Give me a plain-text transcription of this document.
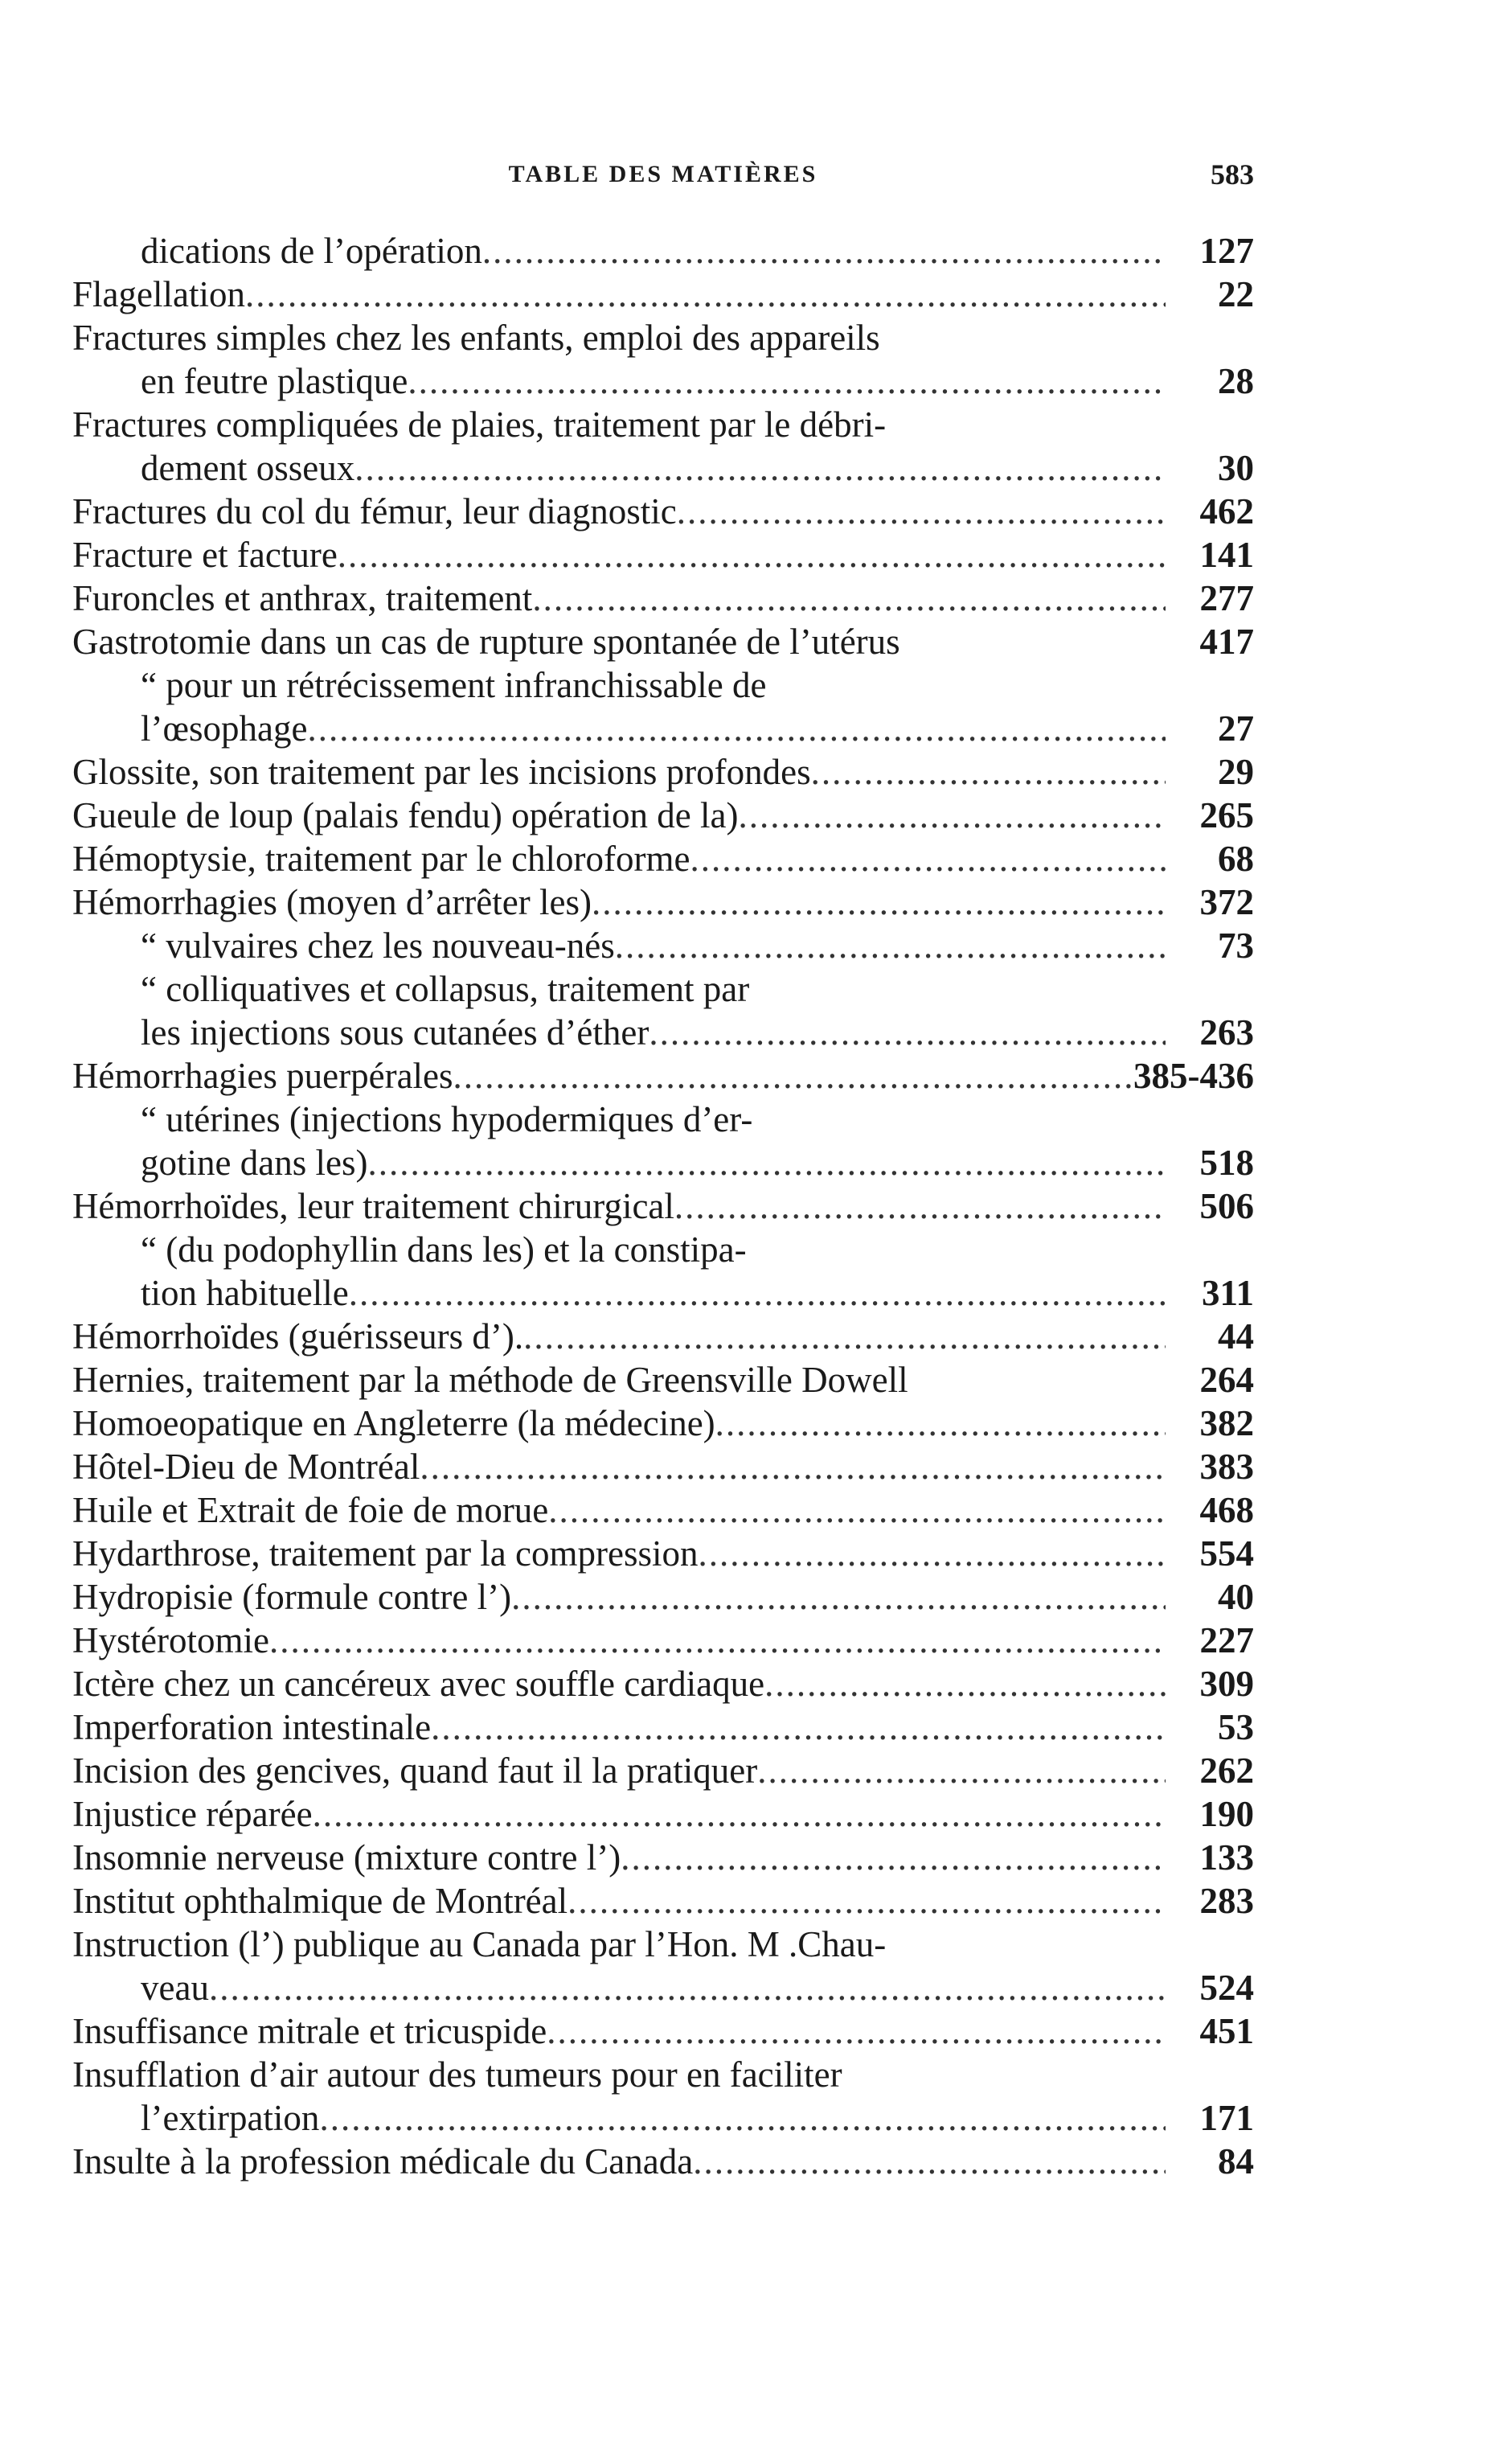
TABLE DES MATIÈRES	583
dications de l’opération .....	127
Flagellation .....	22
Fractures simples chez les enfants, emploi des appareils
en feutre plastique .....	28
Fractures compliquées de plaies, traitement par le débri-
dement osseux .....	30
Fractures du col du fémur, leur diagnostic .....	462
Fracture et facture .....	141
Furoncles et anthrax, traitement .....	277
Gastrotomie dans un cas de rupture spontanée de l’utérus	417
“ pour un rétrécissement infranchissable de
l’œsophage .....	27
Glossite, son traitement par les incisions profondes .....	29
Gueule de loup (palais fendu) opération de la) .....	265
Hémoptysie, traitement par le chloroforme .....	68
Hémorrhagies (moyen d’arrêter les) .....	372
“ vulvaires chez les nouveau-nés .....	73
“ colliquatives et collapsus, traitement par
les injections sous cutanées d’éther .....	263
Hémorrhagies puerpérales .....	385-436
“ utérines (injections hypodermiques d’er-
gotine dans les) .....	518
Hémorrhoïdes, leur traitement chirurgical .....	506
“ (du podophyllin dans les) et la constipa-
tion habituelle .....	311
Hémorrhoïdes (guérisseurs d’). .....	44
Hernies, traitement par la méthode de Greensville Dowell	264
Homoeopatique en Angleterre (la médecine) .....	382
Hôtel-Dieu de Montréal .....	383
Huile et Extrait de foie de morue .....	468
Hydarthrose, traitement par la compression .....	554
Hydropisie (formule contre l’) .....	40
Hystérotomie .....	227
Ictère chez un cancéreux avec souffle cardiaque .....	309
Imperforation intestinale .....	53
Incision des gencives, quand faut il la pratiquer .....	262
Injustice réparée .....	190
Insomnie nerveuse (mixture contre l’) .....	133
Institut ophthalmique de Montréal .....	283
Instruction (l’) publique au Canada par l’Hon. M .Chau-
veau .....	524
Insuffisance mitrale et tricuspide .....	451
Insufflation d’air autour des tumeurs pour en faciliter
l’extirpation .....	171
Insulte à la profession médicale du Canada .....	84
